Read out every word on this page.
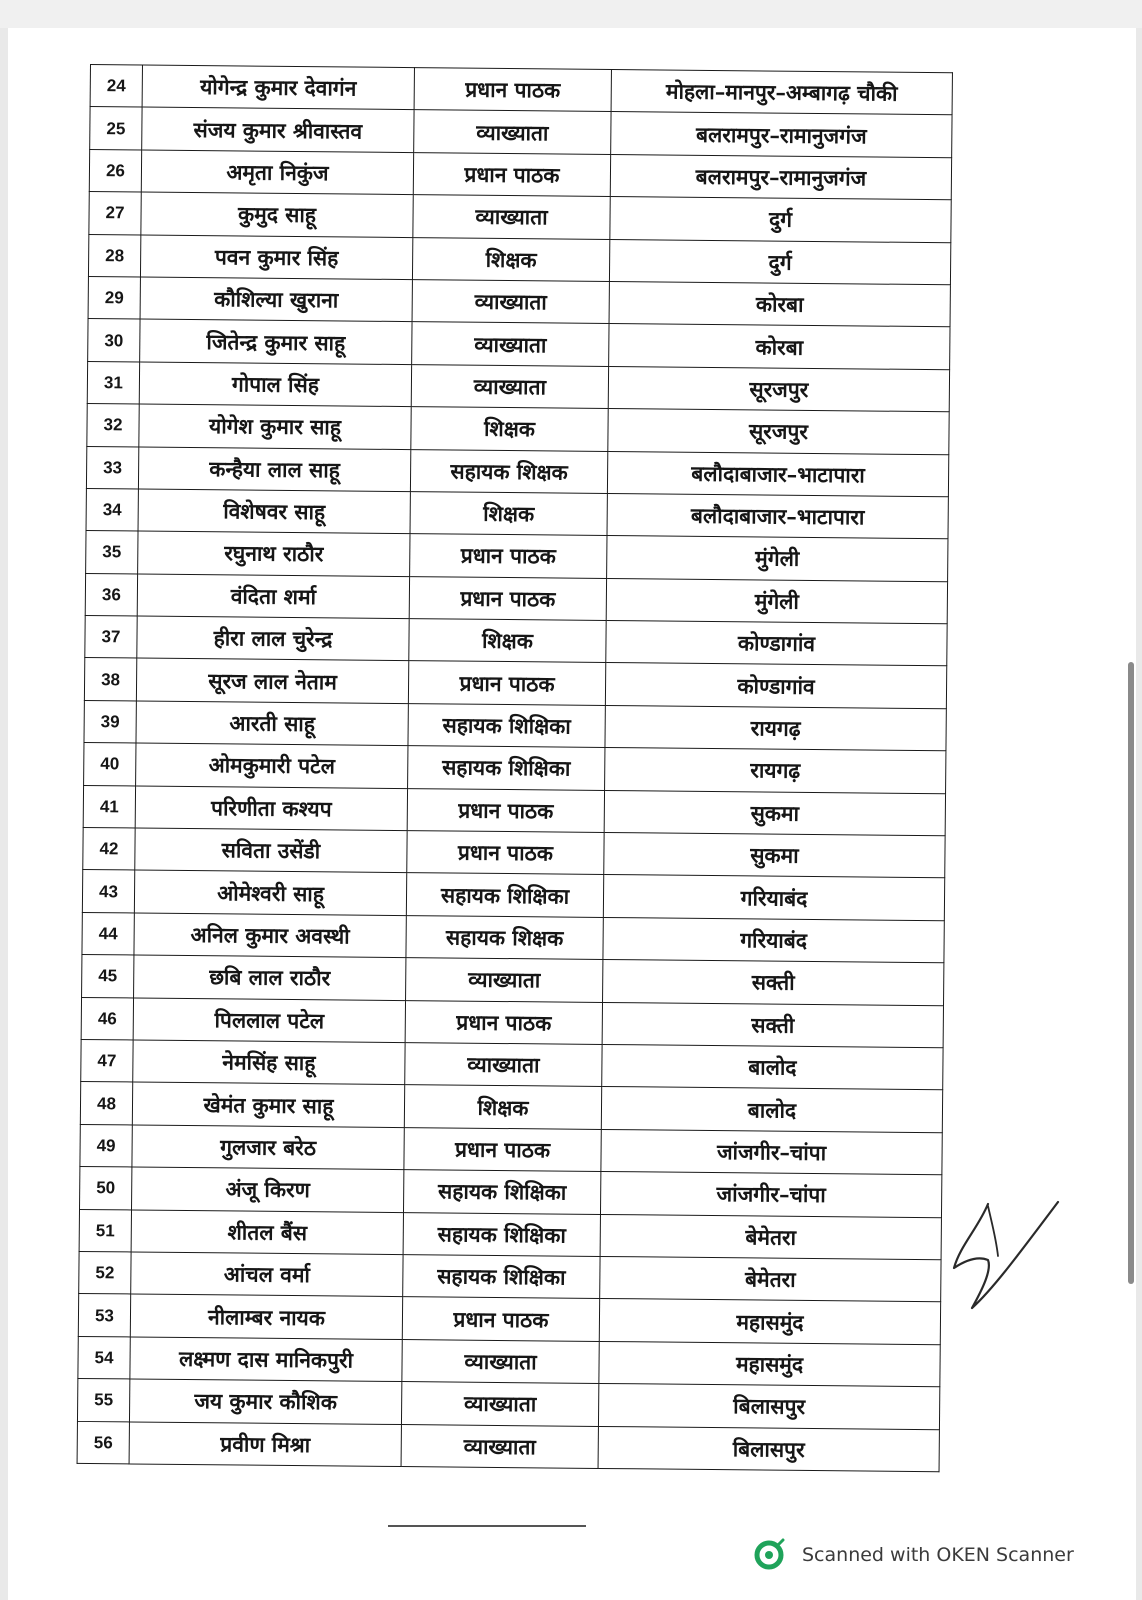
24	योगेन्द्र कुमार देवागंन	प्रधान पाठक	मोहला–मानपुर–अम्बागढ़ चौकी
25	संजय कुमार श्रीवास्तव	व्याख्याता	बलरामपुर–रामानुजगंज
26	अमृता निकुंज	प्रधान पाठक	बलरामपुर–रामानुजगंज
27	कुमुद साहू	व्याख्याता	दुर्ग
28	पवन कुमार सिंह	शिक्षक	दुर्ग
29	कौशिल्या खुराना	व्याख्याता	कोरबा
30	जितेन्द्र कुमार साहू	व्याख्याता	कोरबा
31	गोपाल सिंह	व्याख्याता	सूरजपुर
32	योगेश कुमार साहू	शिक्षक	सूरजपुर
33	कन्हैया लाल साहू	सहायक शिक्षक	बलौदाबाजार–भाटापारा
34	विशेषवर साहू	शिक्षक	बलौदाबाजार–भाटापारा
35	रघुनाथ राठौर	प्रधान पाठक	मुंगेली
36	वंदिता शर्मा	प्रधान पाठक	मुंगेली
37	हीरा लाल चुरेन्द्र	शिक्षक	कोण्डागांव
38	सूरज लाल नेताम	प्रधान पाठक	कोण्डागांव
39	आरती साहू	सहायक शिक्षिका	रायगढ़
40	ओमकुमारी पटेल	सहायक शिक्षिका	रायगढ़
41	परिणीता कश्यप	प्रधान पाठक	सुकमा
42	सविता उसेंडी	प्रधान पाठक	सुकमा
43	ओमेश्वरी साहू	सहायक शिक्षिका	गरियाबंद
44	अनिल कुमार अवस्थी	सहायक शिक्षक	गरियाबंद
45	छबि लाल राठौर	व्याख्याता	सक्ती
46	पिललाल पटेल	प्रधान पाठक	सक्ती
47	नेमसिंह साहू	व्याख्याता	बालोद
48	खेमंत कुमार साहू	शिक्षक	बालोद
49	गुलजार बरेठ	प्रधान पाठक	जांजगीर–चांपा
50	अंजू किरण	सहायक शिक्षिका	जांजगीर–चांपा
51	शीतल बैंस	सहायक शिक्षिका	बेमेतरा
52	आंचल वर्मा	सहायक शिक्षिका	बेमेतरा
53	नीलाम्बर नायक	प्रधान पाठक	महासमुंद
54	लक्ष्मण दास मानिकपुरी	व्याख्याता	महासमुंद
55	जय कुमार कौशिक	व्याख्याता	बिलासपुर
56	प्रवीण मिश्रा	व्याख्याता	बिलासपुर
Scanned with OKEN Scanner
